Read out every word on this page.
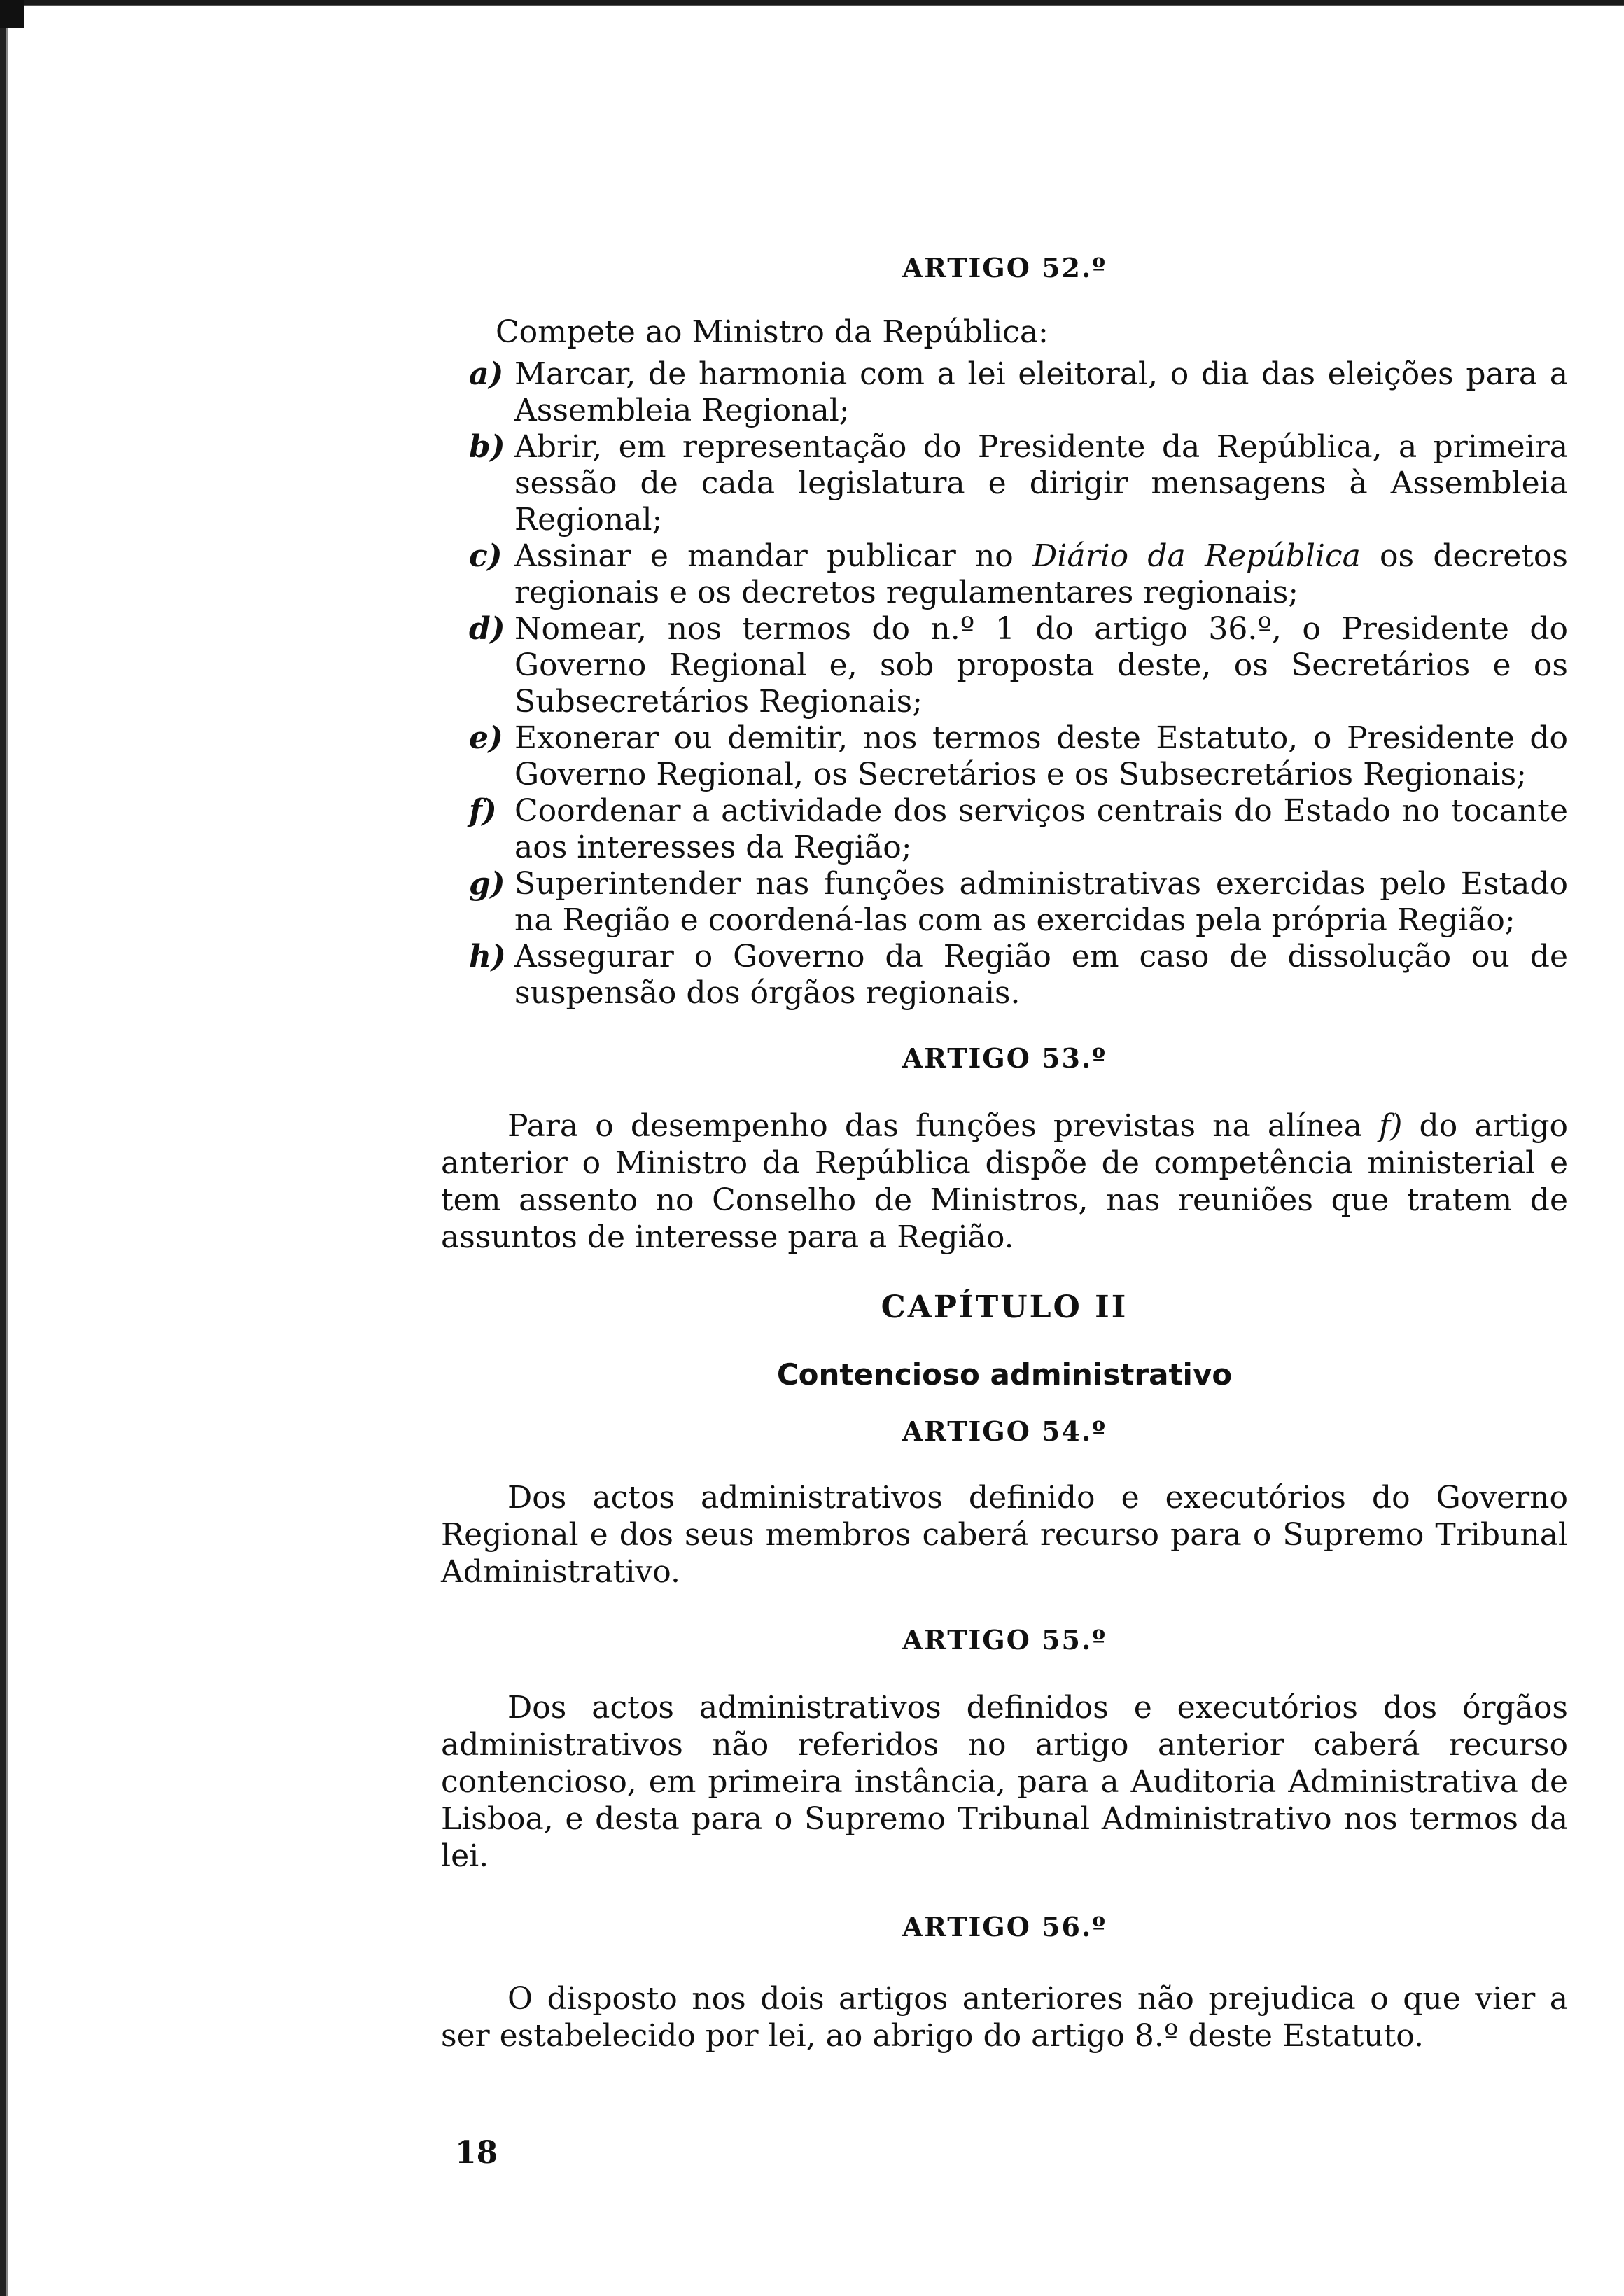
ARTIGO 52.º

Compete ao Ministro da República:

a) Marcar, de harmonia com a lei eleitoral, o dia das eleições para a Assembleia Regional;
b) Abrir, em representação do Presidente da República, a primeira sessão de cada legislatura e dirigir mensagens à Assembleia Regional;
c) Assinar e mandar publicar no Diário da República os decretos regionais e os decretos regulamentares regionais;
d) Nomear, nos termos do n.º 1 do artigo 36.º, o Presidente do Governo Regional e, sob proposta deste, os Secretários e os Subsecretários Regionais;
e) Exonerar ou demitir, nos termos deste Estatuto, o Presidente do Governo Regional, os Secretários e os Subsecretários Regionais;
f) Coordenar a actividade dos serviços centrais do Estado no tocante aos interesses da Região;
g) Superintender nas funções administrativas exercidas pelo Estado na Região e coordená-las com as exercidas pela própria Região;
h) Assegurar o Governo da Região em caso de dissolução ou de suspensão dos órgãos regionais.
ARTIGO 53.º

Para o desempenho das funções previstas na alínea f) do artigo anterior o Ministro da República dispõe de competência ministerial e tem assento no Conselho de Ministros, nas reuniões que tratem de assuntos de interesse para a Região.

CAPÍTULO II
Contencioso administrativo
ARTIGO 54.º

Dos actos administrativos definido e executórios do Governo Regional e dos seus membros caberá recurso para o Supremo Tribunal Administrativo.

ARTIGO 55.º

Dos actos administrativos definidos e executórios dos órgãos administrativos não referidos no artigo anterior caberá recurso contencioso, em primeira instância, para a Auditoria Administrativa de Lisboa, e desta para o Supremo Tribunal Administrativo nos termos da lei.

ARTIGO 56.º

O disposto nos dois artigos anteriores não prejudica o que vier a ser estabelecido por lei, ao abrigo do artigo 8.º deste Estatuto.

18
